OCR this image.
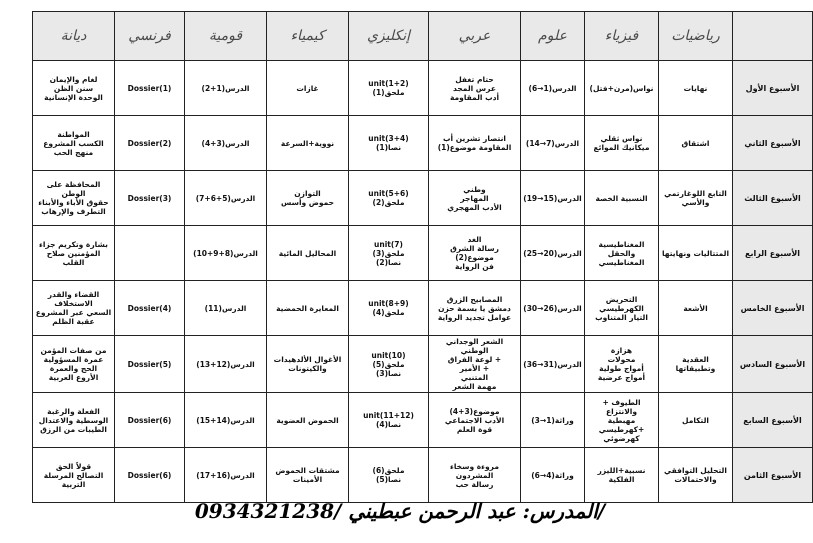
	رياضيات	فيزياء	علوم	عربي	إنكليزي	كيمياء	قومية	فرنسي	ديانة
الأسبوع الأول	نهايات	نواس(مرن+فتل)	الدرس(1→6)	حتام تغفل
عرس المجد
أدب المقاومة	unit(1+2)
ملحق(1)	غازات	الدرس(1+2)	Dossier(1)	لغام والإيمان
سنن الظن
الوحدة الإنسانية

الأسبوع الثاني	اشتقاق	نواس ثقلي
ميكانيك الموائع	الدرس(7→14)	انتصار تشرين أب
المقاومة موضوع(1)	unit(3+4)
نصا(1)	نووية+السرعة	الدرس(3+4)	Dossier(2)	المواطنة
الكسب المشروع
منهج الحب

الأسبوع الثالث	التابع اللوغارتمي
والأسي	النسبية الخصة	الدرس(15→19)	وطني
المهاجر
الأدب المهجري	unit(5+6)
ملحق(2)	التوازن
حموض وأسس	الدرس(5+6+7)	Dossier(3)	المحافظة على الوطن
حقوق الأباء والأبناء
التطرف والإرهاب

الأسبوع الرابع	المتتاليات ونهايتها	المغناطيسية والحقل
المغناطيسي	الدرس(20→25)	الغد
رسالة الشرق
موضوع(2)
فن الرواية	unit(7)
ملحق(3)
نصا(2)	المحاليل المائية	الدرس(8+9+10)		بشارة وتكريم جزاء
المؤمنين صلاح
القلب

الأسبوع الخامس	الأشعة	التحريض
الكهرطيسي
التيار المتناوب	الدرس(26→30)	المصابيح الزرق
دمشق يا بسمة حزن
عوامل تجديد الرواية	unit(8+9)
ملحق(4)	المعايرة الحمضية	الدرس(11)	Dossier(4)	القضاء والقدر
الاستخلاف
السعي عبر المشروع
عقبة الظلم

الأسبوع السادس	العقدية وتطبيقاتها	هزازة
محولات
أمواج طولية
أمواج عرضية	الدرس(31→36)	الشعر الوجداني الوطني
+ لوعة الفراق
+ الأمير
المتنبي
مهمة الشعر	unit(10)
ملحق(5)
نصا(3)	الأغوال الألدهيدات
والكيتونات	الدرس(12+13)	Dossier(5)	من صفات المؤمن
عمرة المسؤولية
الحج والعمرة
الأروع العربية

الأسبوع السابع	التكامل	الطيوف + والانتزاع
مهبطية
+كهرطيسي
كهرضوئي	وراثة(1→3)	موضوع(3+4)
الأدب الاجتماعي
قوة العلم	unit(11+12)
نصا(4)	الحموض العضوية	الدرس(14+15)	Dossier(6)	الفعلة والرغبة
الوسطية والاعتدال
الطيبات من الرزق

الأسبوع الثامن	التحليل التوافقي
والاحتمالات	نسبية+الليزر الفلكية	وراثة(4→6)	مروءة وسخاء
المشردون
رسالة حب	ملحق(6)
نصا(5)	مشتقات الحموض
الأمينات	الدرس(16+17)	Dossier(6)	قولاً الحق
التصالح المرسلة
التربية
المدرس: عبد الرحمن عبطيني /0934321238/
